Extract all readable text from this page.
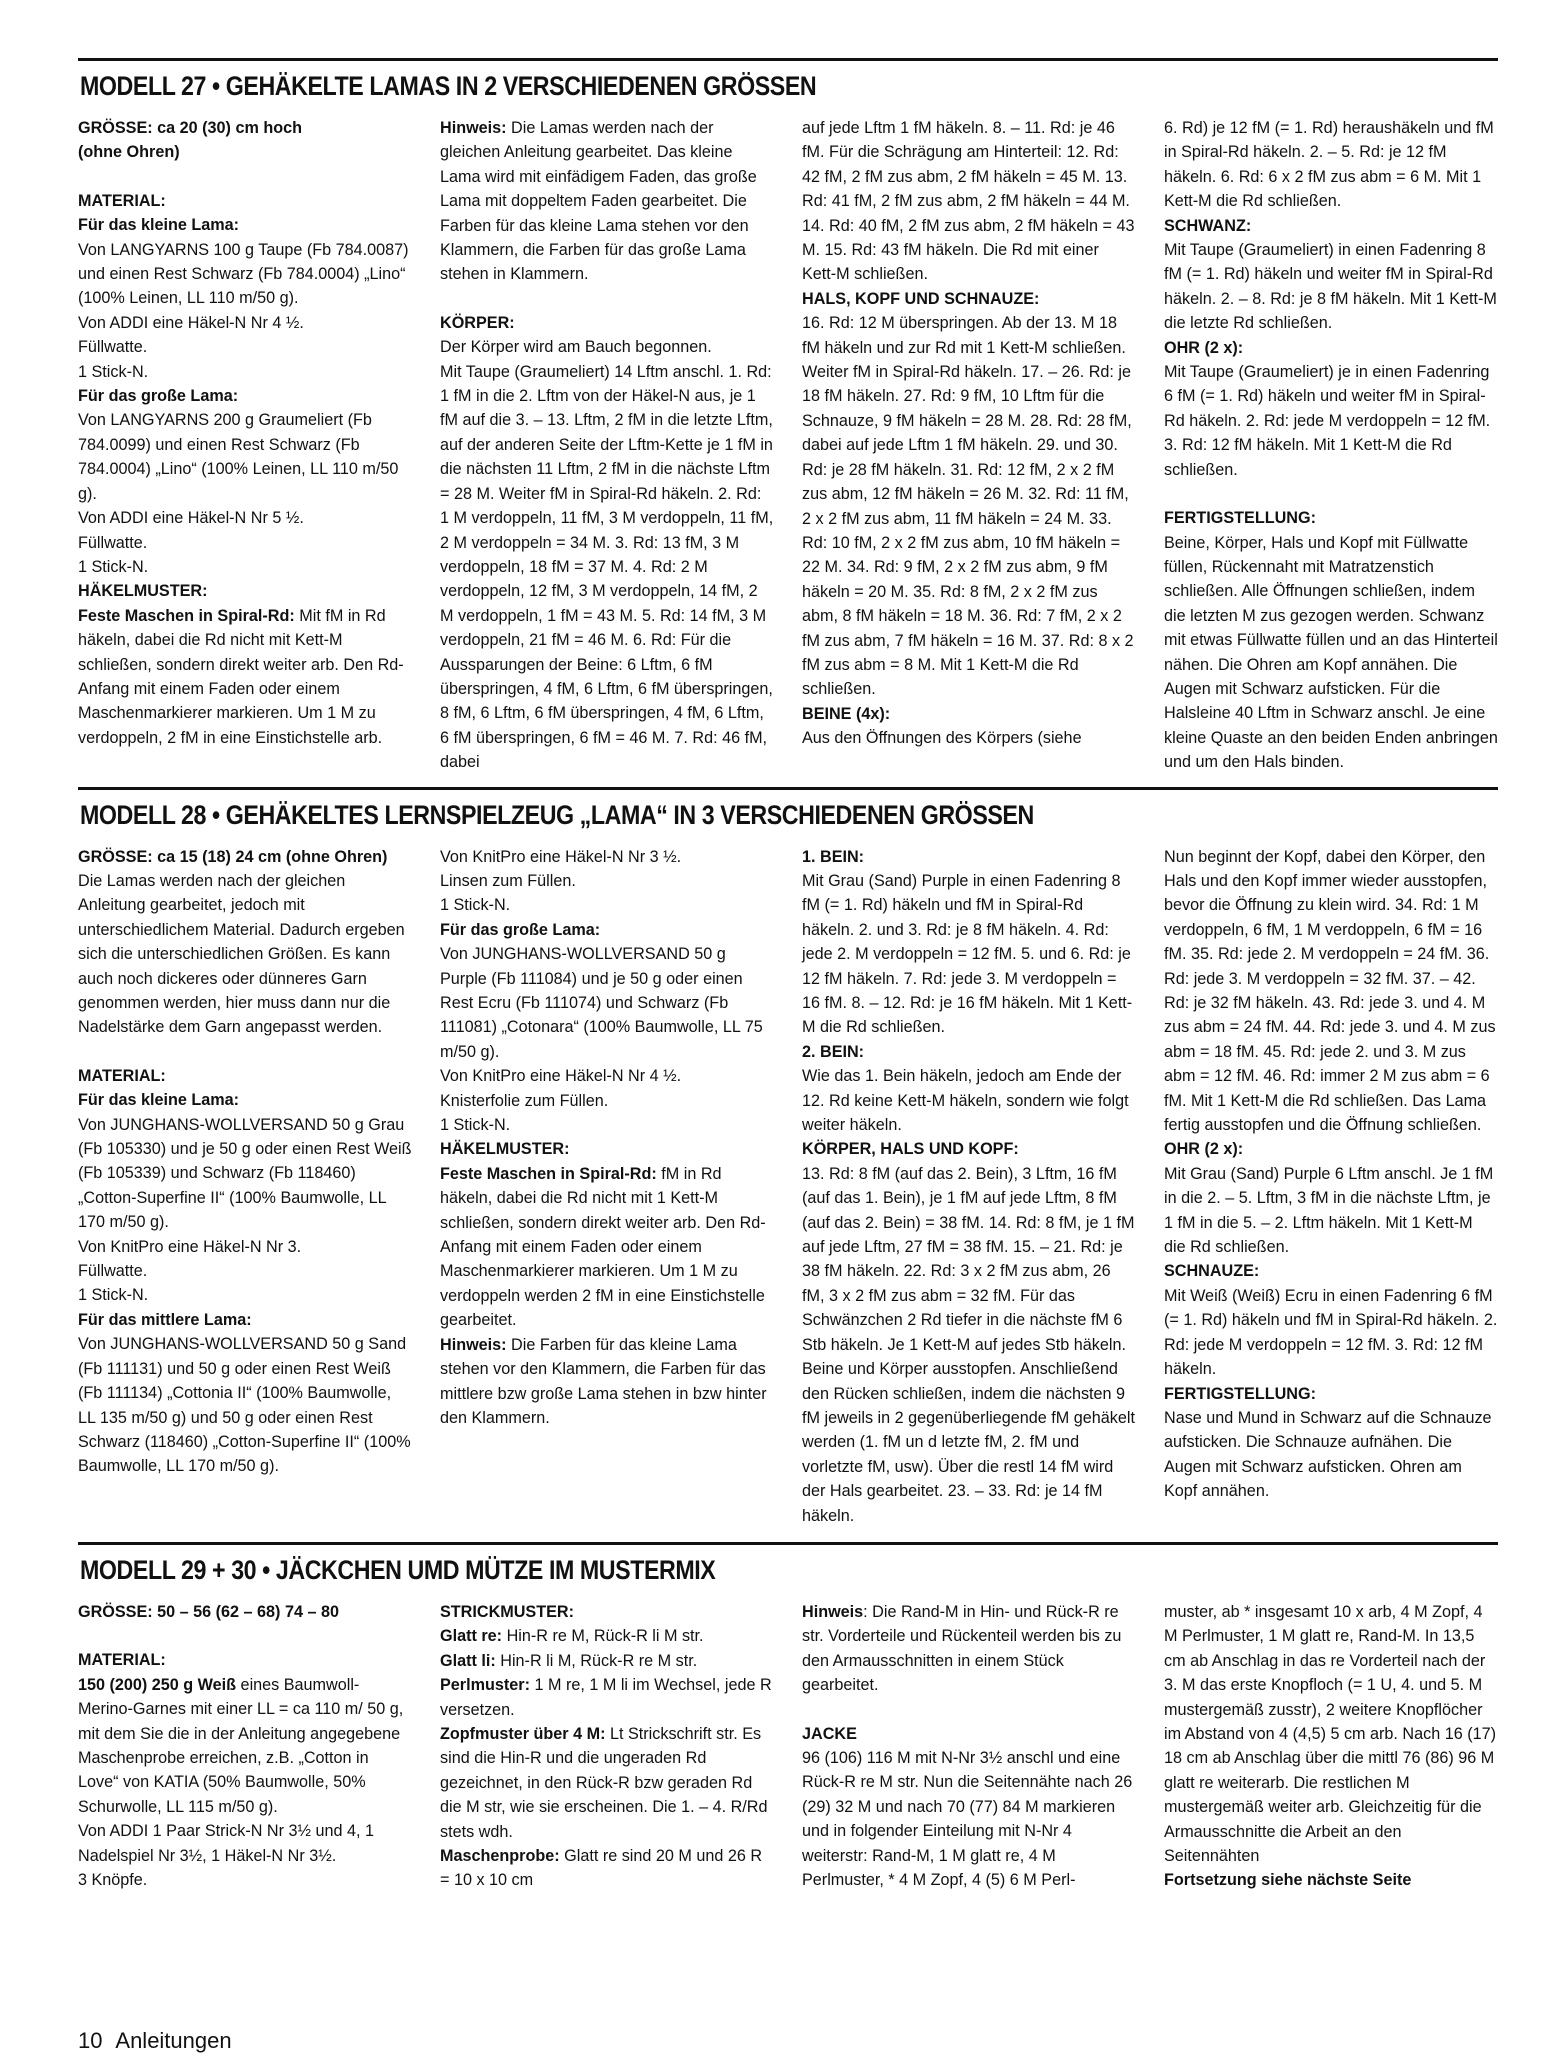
MODELL 27 • GEHÄKELTE LAMAS IN 2 VERSCHIEDENEN GRÖSSEN

GRÖSSE: ca 20 (30) cm hoch

(ohne Ohren)

MATERIAL:

Für das kleine Lama:

Von LANGYARNS 100 g Taupe (Fb 784.0087) und einen Rest Schwarz (Fb 784.0004) „Lino“ (100% Leinen, LL 110 m/50 g).

Von ADDI eine Häkel-N Nr 4 ½.

Füllwatte.

1 Stick-N.

Für das große Lama:

Von LANGYARNS 200 g Graumeliert (Fb 784.0099) und einen Rest Schwarz (Fb 784.0004) „Lino“ (100% Leinen, LL 110 m/50 g).

Von ADDI eine Häkel-N Nr 5 ½.

Füllwatte.

1 Stick-N.

HÄKELMUSTER:

Feste Maschen in Spiral-Rd: Mit fM in Rd häkeln, dabei die Rd nicht mit Kett-M schließen, sondern direkt weiter arb. Den Rd-Anfang mit einem Faden oder einem Maschenmarkierer markieren. Um 1 M zu verdoppeln, 2 fM in eine Einstichstelle arb.

Hinweis: Die Lamas werden nach der gleichen Anleitung gearbeitet. Das kleine Lama wird mit einfädigem Faden, das große Lama mit doppeltem Faden gearbeitet. Die Farben für das kleine Lama stehen vor den Klammern, die Farben für das große Lama stehen in Klammern.

KÖRPER:

Der Körper wird am Bauch begonnen.

Mit Taupe (Graumeliert) 14 Lftm anschl. 1. Rd: 1 fM in die 2. Lftm von der Häkel-N aus, je 1 fM auf die 3. – 13. Lftm, 2 fM in die letzte Lftm, auf der anderen Seite der Lftm-Kette je 1 fM in die nächsten 11 Lftm, 2 fM in die nächste Lftm = 28 M. Weiter fM in Spiral-Rd häkeln. 2. Rd: 1 M verdoppeln, 11 fM, 3 M verdoppeln, 11 fM, 2 M verdoppeln = 34 M. 3. Rd: 13 fM, 3 M verdoppeln, 18 fM = 37 M. 4. Rd: 2 M verdoppeln, 12 fM, 3 M verdoppeln, 14 fM, 2 M verdoppeln, 1 fM = 43 M. 5. Rd: 14 fM, 3 M verdoppeln, 21 fM = 46 M. 6. Rd: Für die Aussparungen der Beine: 6 Lftm, 6 fM überspringen, 4 fM, 6 Lftm, 6 fM überspringen, 8 fM, 6 Lftm, 6 fM überspringen, 4 fM, 6 Lftm, 6 fM überspringen, 6 fM = 46 M. 7. Rd: 46 fM, dabei

auf jede Lftm 1 fM häkeln. 8. – 11. Rd: je 46 fM. Für die Schrägung am Hinterteil: 12. Rd: 42 fM, 2 fM zus abm, 2 fM häkeln = 45 M. 13. Rd: 41 fM, 2 fM zus abm, 2 fM häkeln = 44 M. 14. Rd: 40 fM, 2 fM zus abm, 2 fM häkeln = 43 M. 15. Rd: 43 fM häkeln. Die Rd mit einer Kett-M schließen.

HALS, KOPF UND SCHNAUZE:

16. Rd: 12 M überspringen. Ab der 13. M 18 fM häkeln und zur Rd mit 1 Kett-M schließen. Weiter fM in Spiral-Rd häkeln. 17. – 26. Rd: je 18 fM häkeln. 27. Rd: 9 fM, 10 Lftm für die Schnauze, 9 fM häkeln = 28 M. 28. Rd: 28 fM, dabei auf jede Lftm 1 fM häkeln. 29. und 30. Rd: je 28 fM häkeln. 31. Rd: 12 fM, 2 x 2 fM zus abm, 12 fM häkeln = 26 M. 32. Rd: 11 fM, 2 x 2 fM zus abm, 11 fM häkeln = 24 M. 33. Rd: 10 fM, 2 x 2 fM zus abm, 10 fM häkeln = 22 M. 34. Rd: 9 fM, 2 x 2 fM zus abm, 9 fM häkeln = 20 M. 35. Rd: 8 fM, 2 x 2 fM zus abm, 8 fM häkeln = 18 M. 36. Rd: 7 fM, 2 x 2 fM zus abm, 7 fM häkeln = 16 M. 37. Rd: 8 x 2 fM zus abm = 8 M. Mit 1 Kett-M die Rd schließen.

BEINE (4x):

Aus den Öffnungen des Körpers (siehe

6. Rd) je 12 fM (= 1. Rd) heraushäkeln und fM in Spiral-Rd häkeln. 2. – 5. Rd: je 12 fM häkeln. 6. Rd: 6 x 2 fM zus abm = 6 M. Mit 1 Kett-M die Rd schließen.

SCHWANZ:

Mit Taupe (Graumeliert) in einen Fadenring 8 fM (= 1. Rd) häkeln und weiter fM in Spiral-Rd häkeln. 2. – 8. Rd: je 8 fM häkeln. Mit 1 Kett-M die letzte Rd schließen.

OHR (2 x):

Mit Taupe (Graumeliert) je in einen Fadenring 6 fM (= 1. Rd) häkeln und weiter fM in Spiral-Rd häkeln. 2. Rd: jede M verdoppeln = 12 fM. 3. Rd: 12 fM häkeln. Mit 1 Kett-M die Rd schließen.

FERTIGSTELLUNG:

Beine, Körper, Hals und Kopf mit Füllwatte füllen, Rückennaht mit Matratzenstich schließen. Alle Öffnungen schließen, indem die letzten M zus gezogen werden. Schwanz mit etwas Füllwatte füllen und an das Hinterteil nähen. Die Ohren am Kopf annähen. Die Augen mit Schwarz aufsticken. Für die Halsleine 40 Lftm in Schwarz anschl. Je eine kleine Quaste an den beiden Enden anbringen und um den Hals binden.

MODELL 28 • GEHÄKELTES LERNSPIELZEUG „LAMA“ IN 3 VERSCHIEDENEN GRÖSSEN

GRÖSSE: ca 15 (18) 24 cm (ohne Ohren)

Die Lamas werden nach der gleichen Anleitung gearbeitet, jedoch mit unterschiedlichem Material. Dadurch ergeben sich die unterschiedlichen Größen. Es kann auch noch dickeres oder dünneres Garn genommen werden, hier muss dann nur die Nadelstärke dem Garn angepasst werden.

MATERIAL:

Für das kleine Lama:

Von JUNGHANS-WOLLVERSAND 50 g Grau (Fb 105330) und je 50 g oder einen Rest Weiß (Fb 105339) und Schwarz (Fb 118460) „Cotton-Superfine II“ (100% Baumwolle, LL 170 m/50 g).

Von KnitPro eine Häkel-N Nr 3.

Füllwatte.

1 Stick-N.

Für das mittlere Lama:

Von JUNGHANS-WOLLVERSAND 50 g Sand (Fb 111131) und 50 g oder einen Rest Weiß (Fb 111134) „Cottonia II“ (100% Baumwolle, LL 135 m/50 g) und 50 g oder einen Rest Schwarz (118460) „Cotton-Superfine II“ (100% Baumwolle, LL 170 m/50 g).

Von KnitPro eine Häkel-N Nr 3 ½.

Linsen zum Füllen.

1 Stick-N.

Für das große Lama:

Von JUNGHANS-WOLLVERSAND 50 g Purple (Fb 111084) und je 50 g oder einen Rest Ecru (Fb 111074) und Schwarz (Fb 111081) „Cotonara“ (100% Baumwolle, LL 75 m/50 g).

Von KnitPro eine Häkel-N Nr 4 ½.

Knisterfolie zum Füllen.

1 Stick-N.

HÄKELMUSTER:

Feste Maschen in Spiral-Rd: fM in Rd häkeln, dabei die Rd nicht mit 1 Kett-M schließen, sondern direkt weiter arb. Den Rd-Anfang mit einem Faden oder einem Maschenmarkierer markieren. Um 1 M zu verdoppeln werden 2 fM in eine Einstichstelle gearbeitet.

Hinweis: Die Farben für das kleine Lama stehen vor den Klammern, die Farben für das mittlere bzw große Lama stehen in bzw hinter den Klammern.

1. BEIN:

Mit Grau (Sand) Purple in einen Fadenring 8 fM (= 1. Rd) häkeln und fM in Spiral-Rd häkeln. 2. und 3. Rd: je 8 fM häkeln. 4. Rd: jede 2. M verdoppeln = 12 fM. 5. und 6. Rd: je 12 fM häkeln. 7. Rd: jede 3. M verdoppeln = 16 fM. 8. – 12. Rd: je 16 fM häkeln. Mit 1 Kett-M die Rd schließen.

2. BEIN:

Wie das 1. Bein häkeln, jedoch am Ende der 12. Rd keine Kett-M häkeln, sondern wie folgt weiter häkeln.

KÖRPER, HALS UND KOPF:

13. Rd: 8 fM (auf das 2. Bein), 3 Lftm, 16 fM (auf das 1. Bein), je 1 fM auf jede Lftm, 8 fM (auf das 2. Bein) = 38 fM. 14. Rd: 8 fM, je 1 fM auf jede Lftm, 27 fM = 38 fM. 15. – 21. Rd: je 38 fM häkeln. 22. Rd: 3 x 2 fM zus abm, 26 fM, 3 x 2 fM zus abm = 32 fM. Für das Schwänzchen 2 Rd tiefer in die nächste fM 6 Stb häkeln. Je 1 Kett-M auf jedes Stb häkeln. Beine und Körper ausstopfen. Anschließend den Rücken schließen, indem die nächsten 9 fM jeweils in 2 gegenüberliegende fM gehäkelt werden (1. fM un d letzte fM, 2. fM und vorletzte fM, usw). Über die restl 14 fM wird der Hals gearbeitet. 23. – 33. Rd: je 14 fM häkeln.

Nun beginnt der Kopf, dabei den Körper, den Hals und den Kopf immer wieder ausstopfen, bevor die Öffnung zu klein wird. 34. Rd: 1 M verdoppeln, 6 fM, 1 M verdoppeln, 6 fM = 16 fM. 35. Rd: jede 2. M verdoppeln = 24 fM. 36. Rd: jede 3. M verdoppeln = 32 fM. 37. – 42. Rd: je 32 fM häkeln. 43. Rd: jede 3. und 4. M zus abm = 24 fM. 44. Rd: jede 3. und 4. M zus abm = 18 fM. 45. Rd: jede 2. und 3. M zus abm = 12 fM. 46. Rd: immer 2 M zus abm = 6 fM. Mit 1 Kett-M die Rd schließen. Das Lama fertig ausstopfen und die Öffnung schließen.

OHR (2 x):

Mit Grau (Sand) Purple 6 Lftm anschl. Je 1 fM in die 2. – 5. Lftm, 3 fM in die nächste Lftm, je 1 fM in die 5. – 2. Lftm häkeln. Mit 1 Kett-M die Rd schließen.

SCHNAUZE:

Mit Weiß (Weiß) Ecru in einen Fadenring 6 fM (= 1. Rd) häkeln und fM in Spiral-Rd häkeln. 2. Rd: jede M verdoppeln = 12 fM. 3. Rd: 12 fM häkeln.

FERTIGSTELLUNG:

Nase und Mund in Schwarz auf die Schnauze aufsticken. Die Schnauze aufnähen. Die Augen mit Schwarz aufsticken. Ohren am Kopf annähen.

MODELL 29 + 30 • JÄCKCHEN UMD MÜTZE IM MUSTERMIX

GRÖSSE: 50 – 56 (62 – 68) 74 – 80

MATERIAL:

150 (200) 250 g Weiß eines Baumwoll-Merino-Garnes mit einer LL = ca 110 m/ 50 g, mit dem Sie die in der Anleitung angegebene Maschenprobe erreichen, z.B. „Cotton in Love“ von KATIA (50% Baumwolle, 50% Schurwolle, LL 115 m/50 g).

Von ADDI 1 Paar Strick-N Nr 3½ und 4, 1 Nadelspiel Nr 3½, 1 Häkel-N Nr 3½.

3 Knöpfe.

STRICKMUSTER:

Glatt re: Hin-R re M, Rück-R li M str.

Glatt li: Hin-R li M, Rück-R re M str.

Perlmuster: 1 M re, 1 M li im Wechsel, jede R versetzen.

Zopfmuster über 4 M: Lt Strickschrift str. Es sind die Hin-R und die ungeraden Rd gezeichnet, in den Rück-R bzw geraden Rd die M str, wie sie erscheinen. Die 1. – 4. R/Rd stets wdh.

Maschenprobe: Glatt re sind 20 M und 26 R = 10 x 10 cm

Hinweis: Die Rand-M in Hin- und Rück-R re str. Vorderteile und Rückenteil werden bis zu den Armausschnitten in einem Stück gearbeitet.

JACKE

96 (106) 116 M mit N-Nr 3½ anschl und eine Rück-R re M str. Nun die Seitennähte nach 26 (29) 32 M und nach 70 (77) 84 M markieren und in folgender Einteilung mit N-Nr 4 weiterstr: Rand-M, 1 M glatt re, 4 M Perlmuster, * 4 M Zopf, 4 (5) 6 M Perl-

muster, ab * insgesamt 10 x arb, 4 M Zopf, 4 M Perlmuster, 1 M glatt re, Rand-M. In 13,5 cm ab Anschlag in das re Vorderteil nach der 3. M das erste Knopfloch (= 1 U, 4. und 5. M mustergemäß zusstr), 2 weitere Knopflöcher im Abstand von 4 (4,5) 5 cm arb. Nach 16 (17) 18 cm ab Anschlag über die mittl 76 (86) 96 M glatt re weiterarb. Die restlichen M mustergemäß weiter arb. Gleichzeitig für die Armausschnitte die Arbeit an den Seitennähten

Fortsetzung siehe nächste Seite

10 Anleitungen
